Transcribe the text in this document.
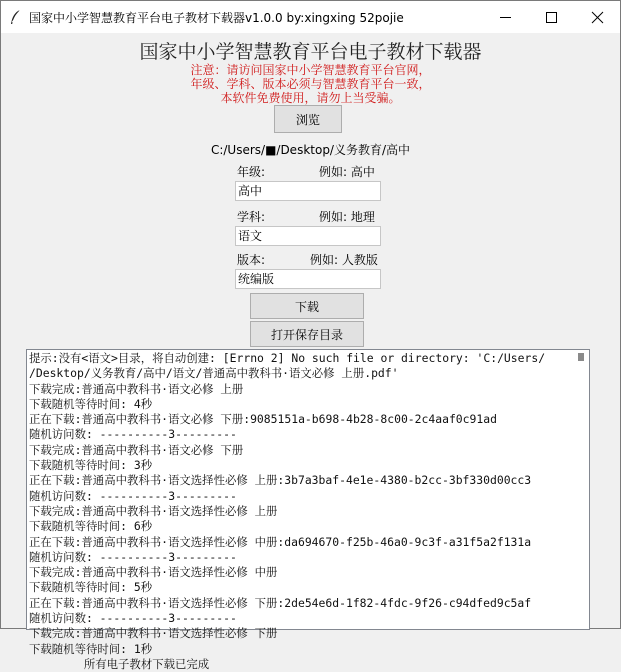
国家中小学智慧教育平台电子教材下载器v1.0.0 by:xingxing 52pojie
国家中小学智慧教育平台电子教材下载器
注意：请访问国家中小学智慧教育平台官网，
年级、学科、版本必须与智慧教育平台一致，
本软件免费使用，请勿上当受骗。
浏览
C:/Users/■/Desktop/义务教育/高中
年级:	例如: 高中
高中
学科:	例如: 地理
语文
版本:	例如: 人教版
统编版
下载
打开保存目录
提示:没有<语文>目录，将自动创建: [Errno 2] No such file or directory: 'C:/Users/
/Desktop/义务教育/高中/语文/普通高中教科书·语文必修 上册.pdf'
下载完成:普通高中教科书·语文必修 上册
下载随机等待时间: 4秒
正在下载:普通高中教科书·语文必修 下册:9085151a-b698-4b28-8c00-2c4aaf0c91ad
随机访问数: ----------3---------
下载完成:普通高中教科书·语文必修 下册
下载随机等待时间: 3秒
正在下载:普通高中教科书·语文选择性必修 上册:3b7a3baf-4e1e-4380-b2cc-3bf330d00cc3
随机访问数: ----------3---------
下载完成:普通高中教科书·语文选择性必修 上册
下载随机等待时间: 6秒
正在下载:普通高中教科书·语文选择性必修 中册:da694670-f25b-46a0-9c3f-a31f5a2f131a
随机访问数: ----------3---------
下载完成:普通高中教科书·语文选择性必修 中册
下载随机等待时间: 5秒
正在下载:普通高中教科书·语文选择性必修 下册:2de54e6d-1f82-4fdc-9f26-c94dfed9c5af
随机访问数: ----------3---------
下载完成:普通高中教科书·语文选择性必修 下册
下载随机等待时间: 1秒
所有电子教材下载已完成
